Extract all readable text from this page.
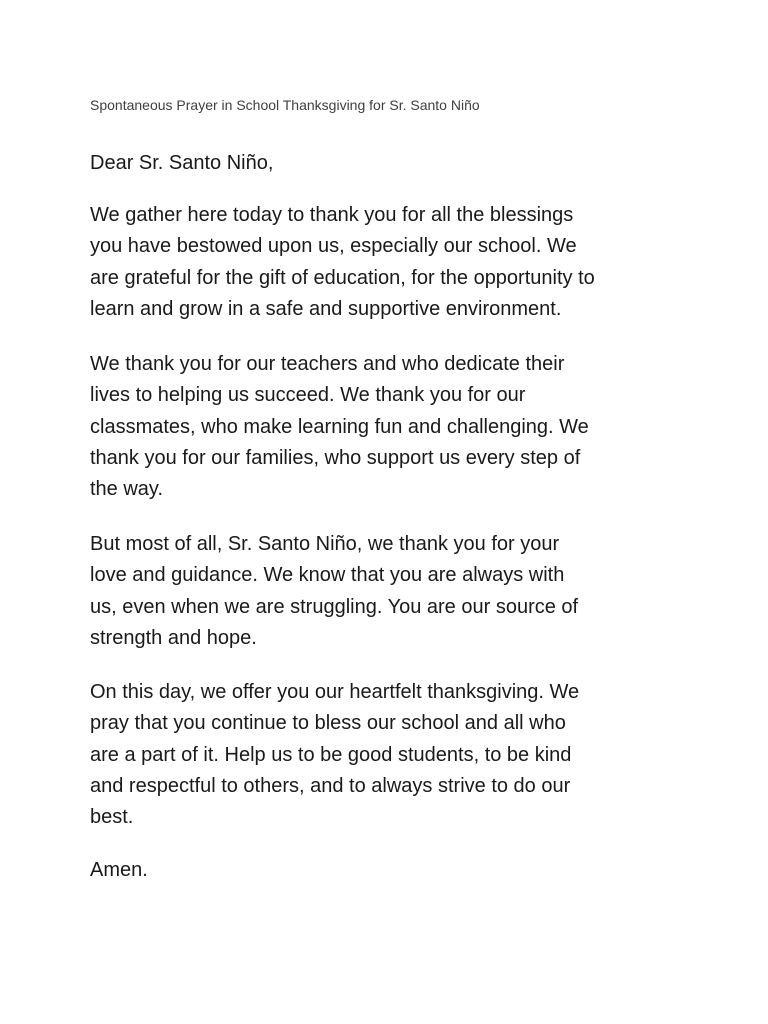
Spontaneous Prayer in School Thanksgiving for Sr. Santo Niño
Dear Sr. Santo Niño,
We gather here today to thank you for all the blessings
you have bestowed upon us, especially our school. We
are grateful for the gift of education, for the opportunity to
learn and grow in a safe and supportive environment.
We thank you for our teachers and who dedicate their
lives to helping us succeed. We thank you for our
classmates, who make learning fun and challenging. We
thank you for our families, who support us every step of
the way.
But most of all, Sr. Santo Niño, we thank you for your
love and guidance. We know that you are always with
us, even when we are struggling. You are our source of
strength and hope.
On this day, we offer you our heartfelt thanksgiving. We
pray that you continue to bless our school and all who
are a part of it. Help us to be good students, to be kind
and respectful to others, and to always strive to do our
best.
Amen.
